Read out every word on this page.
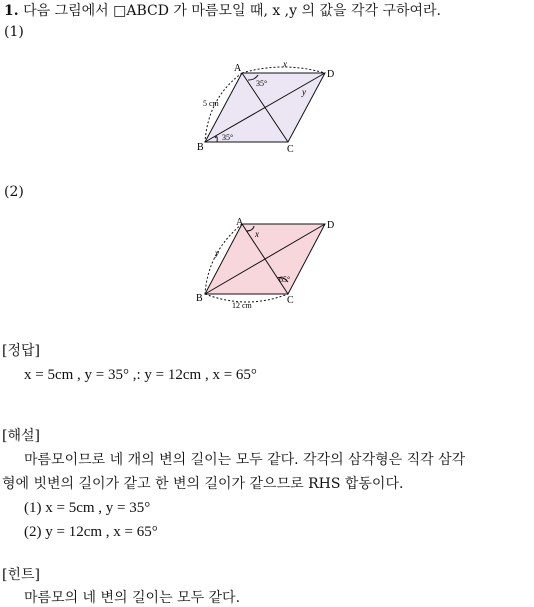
1. 다음 그림에서 □ABCD 가 마름모일 때, x ,y 의 값을 각각 구하여라.
(1)
A
B	C
D
5 cm
35°
35°
x
y
(2)
A
B	C
D
12 cm
65°
x
y
[정답]
x = 5cm , y = 35° ,: y = 12cm , x = 65°
[해설]
마름모이므로 네 개의 변의 길이는 모두 같다. 각각의 삼각형은 직각 삼각
형에 빗변의 길이가 같고 한 변의 길이가 같으므로 RHS 합동이다.
(1) x = 5cm , y = 35°
(2) y = 12cm , x = 65°
[힌트]
마름모의 네 변의 길이는 모두 같다.
